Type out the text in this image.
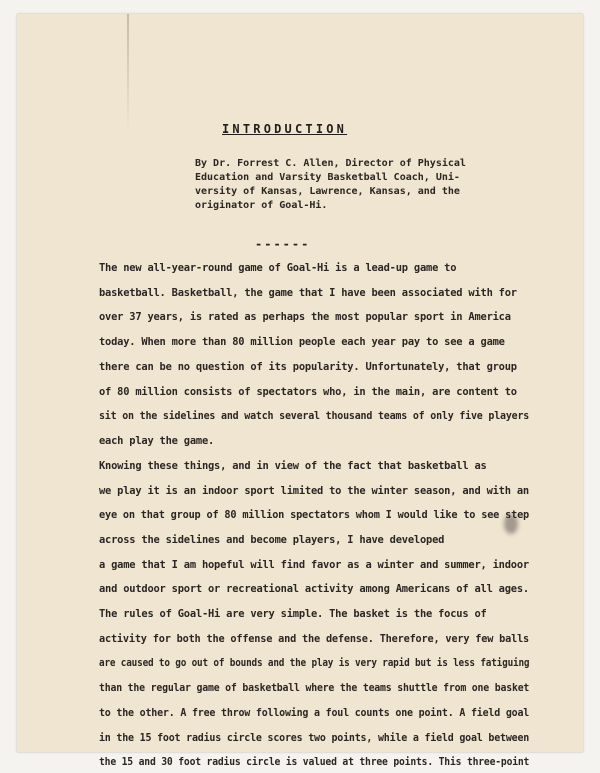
INTRODUCTION
By Dr. Forrest C. Allen, Director of Physical
Education and Varsity Basketball Coach, Uni-
versity of Kansas, Lawrence, Kansas, and the
originator of Goal-Hi.
------
The new all-year-round game of Goal-Hi is a lead-up game to
basketball. Basketball, the game that I have been associated with for
over 37 years, is rated as perhaps the most popular sport in America
today. When more than 80 million people each year pay to see a game
there can be no question of its popularity. Unfortunately, that group
of 80 million consists of spectators who, in the main, are content to
sit on the sidelines and watch several thousand teams of only five players
each play the game.
Knowing these things, and in view of the fact that basketball as
we play it is an indoor sport limited to the winter season, and with an
eye on that group of 80 million spectators whom I would like to see step
across the sidelines and become players, I have developed
a game that I am hopeful will find favor as a winter and summer, indoor
and outdoor sport or recreational activity among Americans of all ages.
The rules of Goal-Hi are very simple. The basket is the focus of
activity for both the offense and the defense. Therefore, very few balls
are caused to go out of bounds and the play is very rapid but is less fatiguing
than the regular game of basketball where the teams shuttle from one basket
to the other. A free throw following a foul counts one point. A field goal
in the 15 foot radius circle scores two points, while a field goal between
the 15 and 30 foot radius circle is valued at three points. This three-point
